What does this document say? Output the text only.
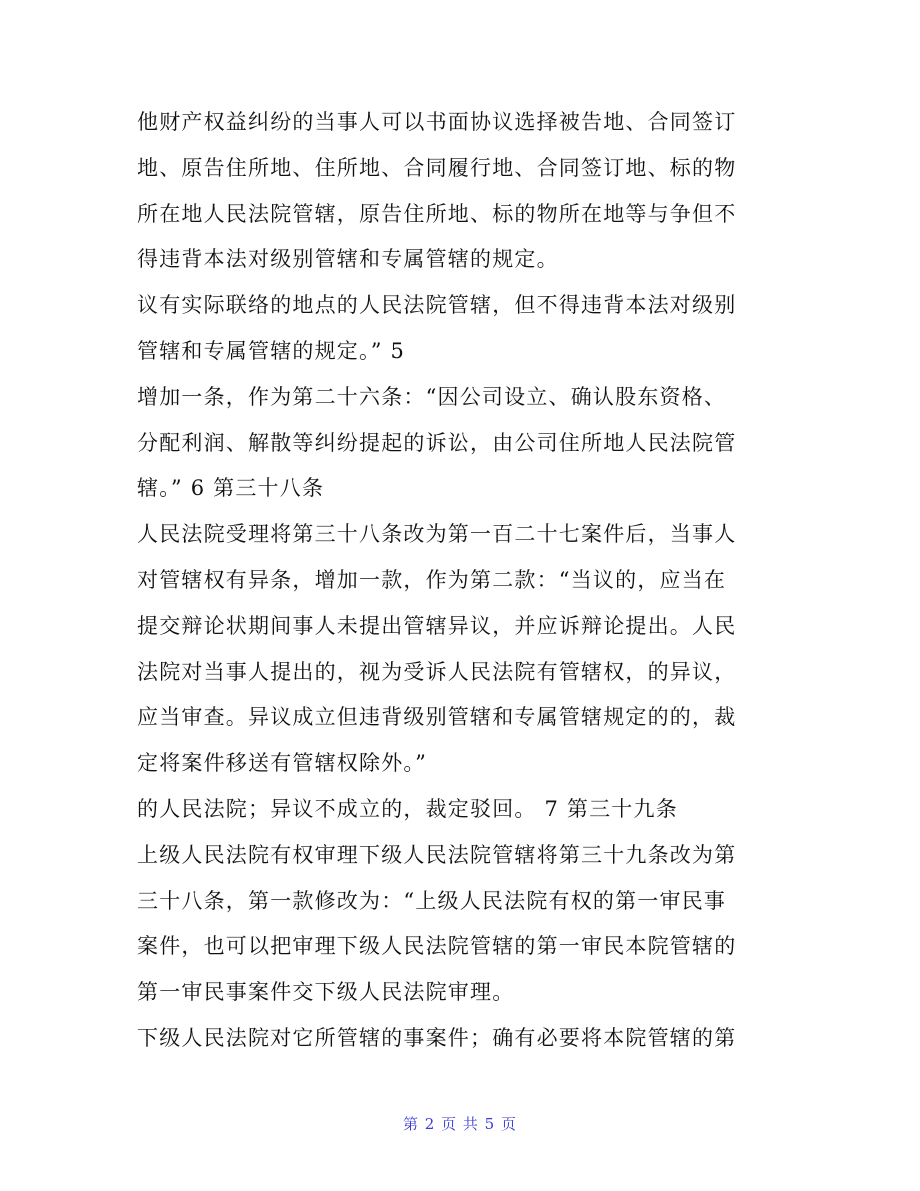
他财产权益纠纷的当事人可以书面协议选择被告地、合同签订
地、原告住所地、住所地、合同履行地、合同签订地、标的物
所在地人民法院管辖，原告住所地、标的物所在地等与争但不
得违背本法对级别管辖和专属管辖的规定。
议有实际联络的地点的人民法院管辖，但不得违背本法对级别
管辖和专属管辖的规定。” 5
增加一条，作为第二十六条：“因公司设立、确认股东资格、
分配利润、解散等纠纷提起的诉讼，由公司住所地人民法院管
辖。” 6 第三十八条
人民法院受理将第三十八条改为第一百二十七案件后，当事人
对管辖权有异条，增加一款，作为第二款：“当议的，应当在
提交辩论状期间事人未提出管辖异议，并应诉辩论提出。人民
法院对当事人提出的，视为受诉人民法院有管辖权，的异议，
应当审查。异议成立但违背级别管辖和专属管辖规定的的，裁
定将案件移送有管辖权除外。”
的人民法院；异议不成立的，裁定驳回。 7 第三十九条
上级人民法院有权审理下级人民法院管辖将第三十九条改为第
三十八条，第一款修改为：“上级人民法院有权的第一审民事
案件，也可以把审理下级人民法院管辖的第一审民本院管辖的
第一审民事案件交下级人民法院审理。
下级人民法院对它所管辖的事案件；确有必要将本院管辖的第
第 2 页 共 5 页
